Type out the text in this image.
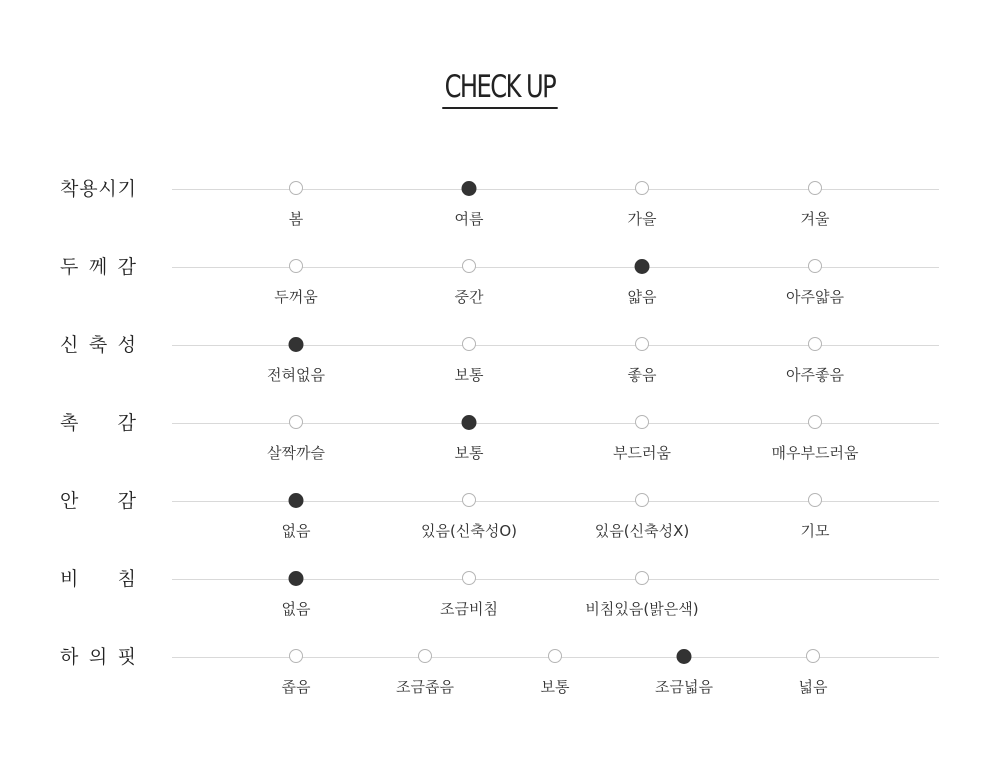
CHECK UP
착 용 시 기
봄	여름	가을	겨울
두 께 감
두꺼움	중간	얇음	아주얇음
신 축 성
전혀없음	보통	좋음	아주좋음
촉 감
살짝까슬	보통	부드러움	매우부드러움
안 감
없음	있음(신축성O)	있음(신축성X)	기모
비 침
없음	조금비침	비침있음(밝은색)
하 의 핏
좁음	조금좁음	보통	조금넓음	넓음
